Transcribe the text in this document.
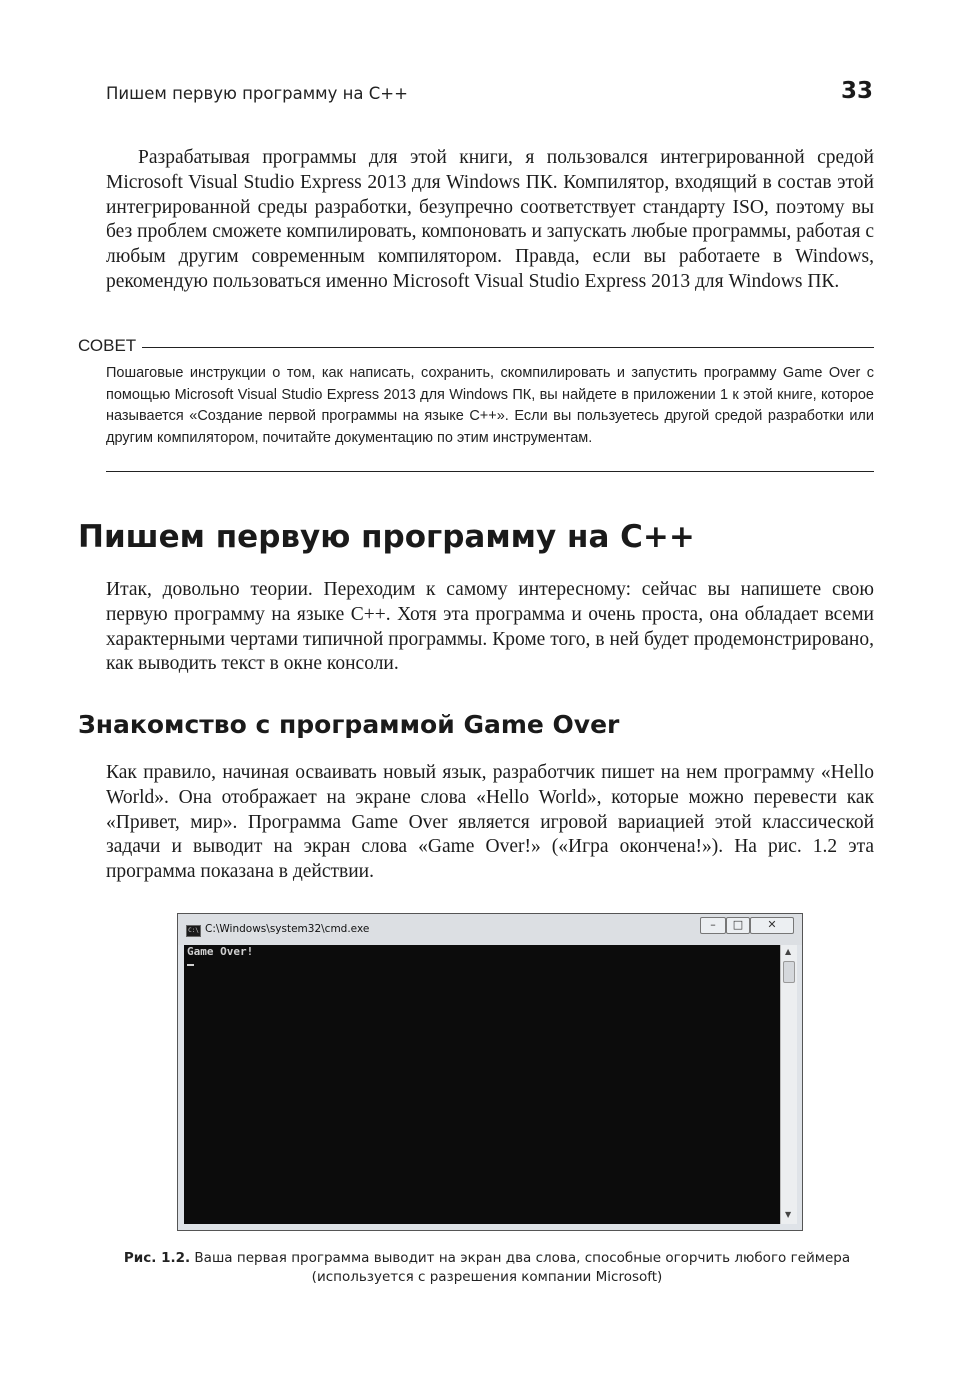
Пишем первую программу на C++	33

Разрабатывая программы для этой книги, я пользовался интегрированной средой Microsoft Visual Studio Express 2013 для Windows ПК. Компилятор, входящий в состав этой интегрированной среды разработки, безупречно соответствует стандарту ISO, поэтому вы без проблем сможете компилировать, компоновать и запускать любые программы, работая с любым другим современным компилятором. Правда, если вы работаете в Windows, рекомендую пользоваться именно Microsoft Visual Studio Express 2013 для Windows ПК.

СОВЕТ

Пошаговые инструкции о том, как написать, сохранить, скомпилировать и запустить программу Game Over с помощью Microsoft Visual Studio Express 2013 для Windows ПК, вы найдете в приложении 1 к этой книге, которое называется «Создание первой программы на языке C++». Если вы пользуетесь другой средой разработки или другим компилятором, почитайте документацию по этим инструментам.

Пишем первую программу на C++

Итак, довольно теории. Переходим к самому интересному: сейчас вы напишете свою первую программу на языке C++. Хотя эта программа и очень проста, она обладает всеми характерными чертами типичной программы. Кроме того, в ней будет продемонстрировано, как выводить текст в окне консоли.

Знакомство с программой Game Over

Как правило, начиная осваивать новый язык, разработчик пишет на нем программу «Hello World». Она отображает на экране слова «Hello World», которые можно перевести как «Привет, мир». Программа Game Over является игровой вариацией этой классической задачи и выводит на экран слова «Game Over!» («Игра окончена!»). На рис. 1.2 эта программа показана в действии.

C:\ C:\Windows\system32\cmd.exe	–	□	✕
Game Over!	▲
▼

Рис. 1.2. Ваша первая программа выводит на экран два слова, способные огорчить любого геймера (используется с разрешения компании Microsoft)
